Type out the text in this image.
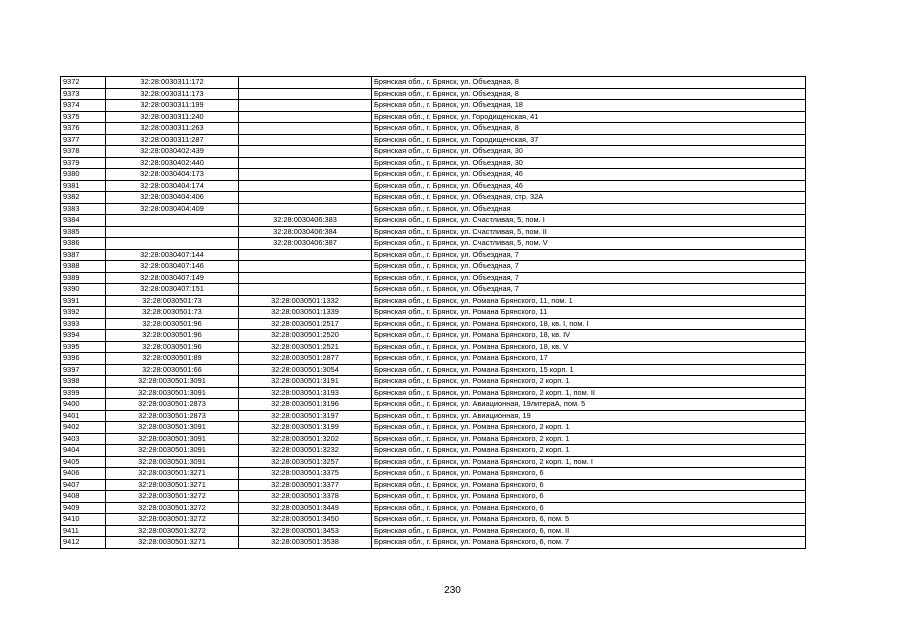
9372	32:28:0030311:172		Брянская обл., г. Брянск, ул. Объездная, 8
9373	32:28:0030311:173		Брянская обл., г. Брянск, ул. Объездная, 8
9374	32:28:0030311:199		Брянская обл., г. Брянск, ул. Объездная, 18
9375	32:28:0030311:240		Брянская обл., г. Брянск, ул. Городищенская, 41
9376	32:28:0030311:263		Брянская обл., г. Брянск, ул. Объездная, 8
9377	32:28:0030311:287		Брянская обл., г. Брянск, ул. Городищенская, 37
9378	32:28:0030402:439		Брянская обл., г. Брянск, ул. Объездная, 30
9379	32:28:0030402:440		Брянская обл., г. Брянск, ул. Объездная, 30
9380	32:28:0030404:173		Брянская обл., г. Брянск, ул. Объездная, 46
9381	32:28:0030404:174		Брянская обл., г. Брянск, ул. Объездная, 46
9382	32:28:0030404:406		Брянская обл., г. Брянск, ул. Объездная, стр. 32А
9383	32:28:0030404:409		Брянская обл., г. Брянск, ул. Объездная
9384		32:28:0030406:383	Брянская обл., г. Брянск, ул. Счастливая, 5, пом. I
9385		32:28:0030406:384	Брянская обл., г. Брянск, ул. Счастливая, 5, пом. II
9386		32:28:0030406:387	Брянская обл., г. Брянск, ул. Счастливая, 5, пом. V
9387	32:28:0030407:144		Брянская обл., г. Брянск, ул. Объездная, 7
9388	32:28:0030407:146		Брянская обл., г. Брянск, ул. Объездная, 7
9389	32:28:0030407:149		Брянская обл., г. Брянск, ул. Объездная, 7
9390	32:28:0030407:151		Брянская обл., г. Брянск, ул. Объездная, 7
9391	32:28:0030501:73	32:28:0030501:1332	Брянская обл., г. Брянск, ул. Романа Брянского, 11, пом. 1
9392	32:28:0030501:73	32:28:0030501:1339	Брянская обл., г. Брянск, ул. Романа Брянского, 11
9393	32:28:0030501:96	32:28:0030501:2517	Брянская обл., г. Брянск, ул. Романа Брянского, 18, кв. I, пом. I
9394	32:28:0030501:96	32:28:0030501:2520	Брянская обл., г. Брянск, ул. Романа Брянского, 18, кв. IV
9395	32:28:0030501:96	32:28:0030501:2521	Брянская обл., г. Брянск, ул. Романа Брянского, 18, кв. V
9396	32:28:0030501:89	32:28:0030501:2877	Брянская обл., г. Брянск, ул. Романа Брянского, 17
9397	32:28:0030501:66	32:28:0030501:3054	Брянская обл., г. Брянск, ул. Романа Брянского, 15 корп. 1
9398	32:28:0030501:3091	32:28:0030501:3191	Брянская обл., г. Брянск, ул. Романа Брянского, 2 корп. 1
9399	32:28:0030501:3091	32:28:0030501:3193	Брянская обл., г. Брянск, ул. Романа Брянского, 2 корп. 1, пом. II
9400	32:28:0030501:2873	32:28:0030501:3196	Брянская обл., г. Брянск, ул. Авиационная, 19литераА, пом. 5
9401	32:28:0030501:2873	32:28:0030501:3197	Брянская обл., г. Брянск, ул. Авиационная, 19
9402	32:28:0030501:3091	32:28:0030501:3199	Брянская обл., г. Брянск, ул. Романа Брянского, 2 корп. 1
9403	32:28:0030501:3091	32:28:0030501:3202	Брянская обл., г. Брянск, ул. Романа Брянского, 2 корп. 1
9404	32:28:0030501:3091	32:28:0030501:3232	Брянская обл., г. Брянск, ул. Романа Брянского, 2 корп. 1
9405	32:28:0030501:3091	32:28:0030501:3257	Брянская обл., г. Брянск, ул. Романа Брянского, 2 корп. 1, пом. I
9406	32:28:0030501:3271	32:28:0030501:3375	Брянская обл., г. Брянск, ул. Романа Брянского, 6
9407	32:28:0030501:3271	32:28:0030501:3377	Брянская обл., г. Брянск, ул. Романа Брянского, 6
9408	32:28:0030501:3272	32:28:0030501:3378	Брянская обл., г. Брянск, ул. Романа Брянского, 6
9409	32:28:0030501:3272	32:28:0030501:3449	Брянская обл., г. Брянск, ул. Романа Брянского, 6
9410	32:28:0030501:3272	32:28:0030501:3450	Брянская обл., г. Брянск, ул. Романа Брянского, 6, пом. 5
9411	32:28:0030501:3272	32:28:0030501:3453	Брянская обл., г. Брянск, ул. Романа Брянского, 6, пом. II
9412	32:28:0030501:3271	32:28:0030501:3538	Брянская обл., г. Брянск, ул. Романа Брянского, 6, пом. 7
230
